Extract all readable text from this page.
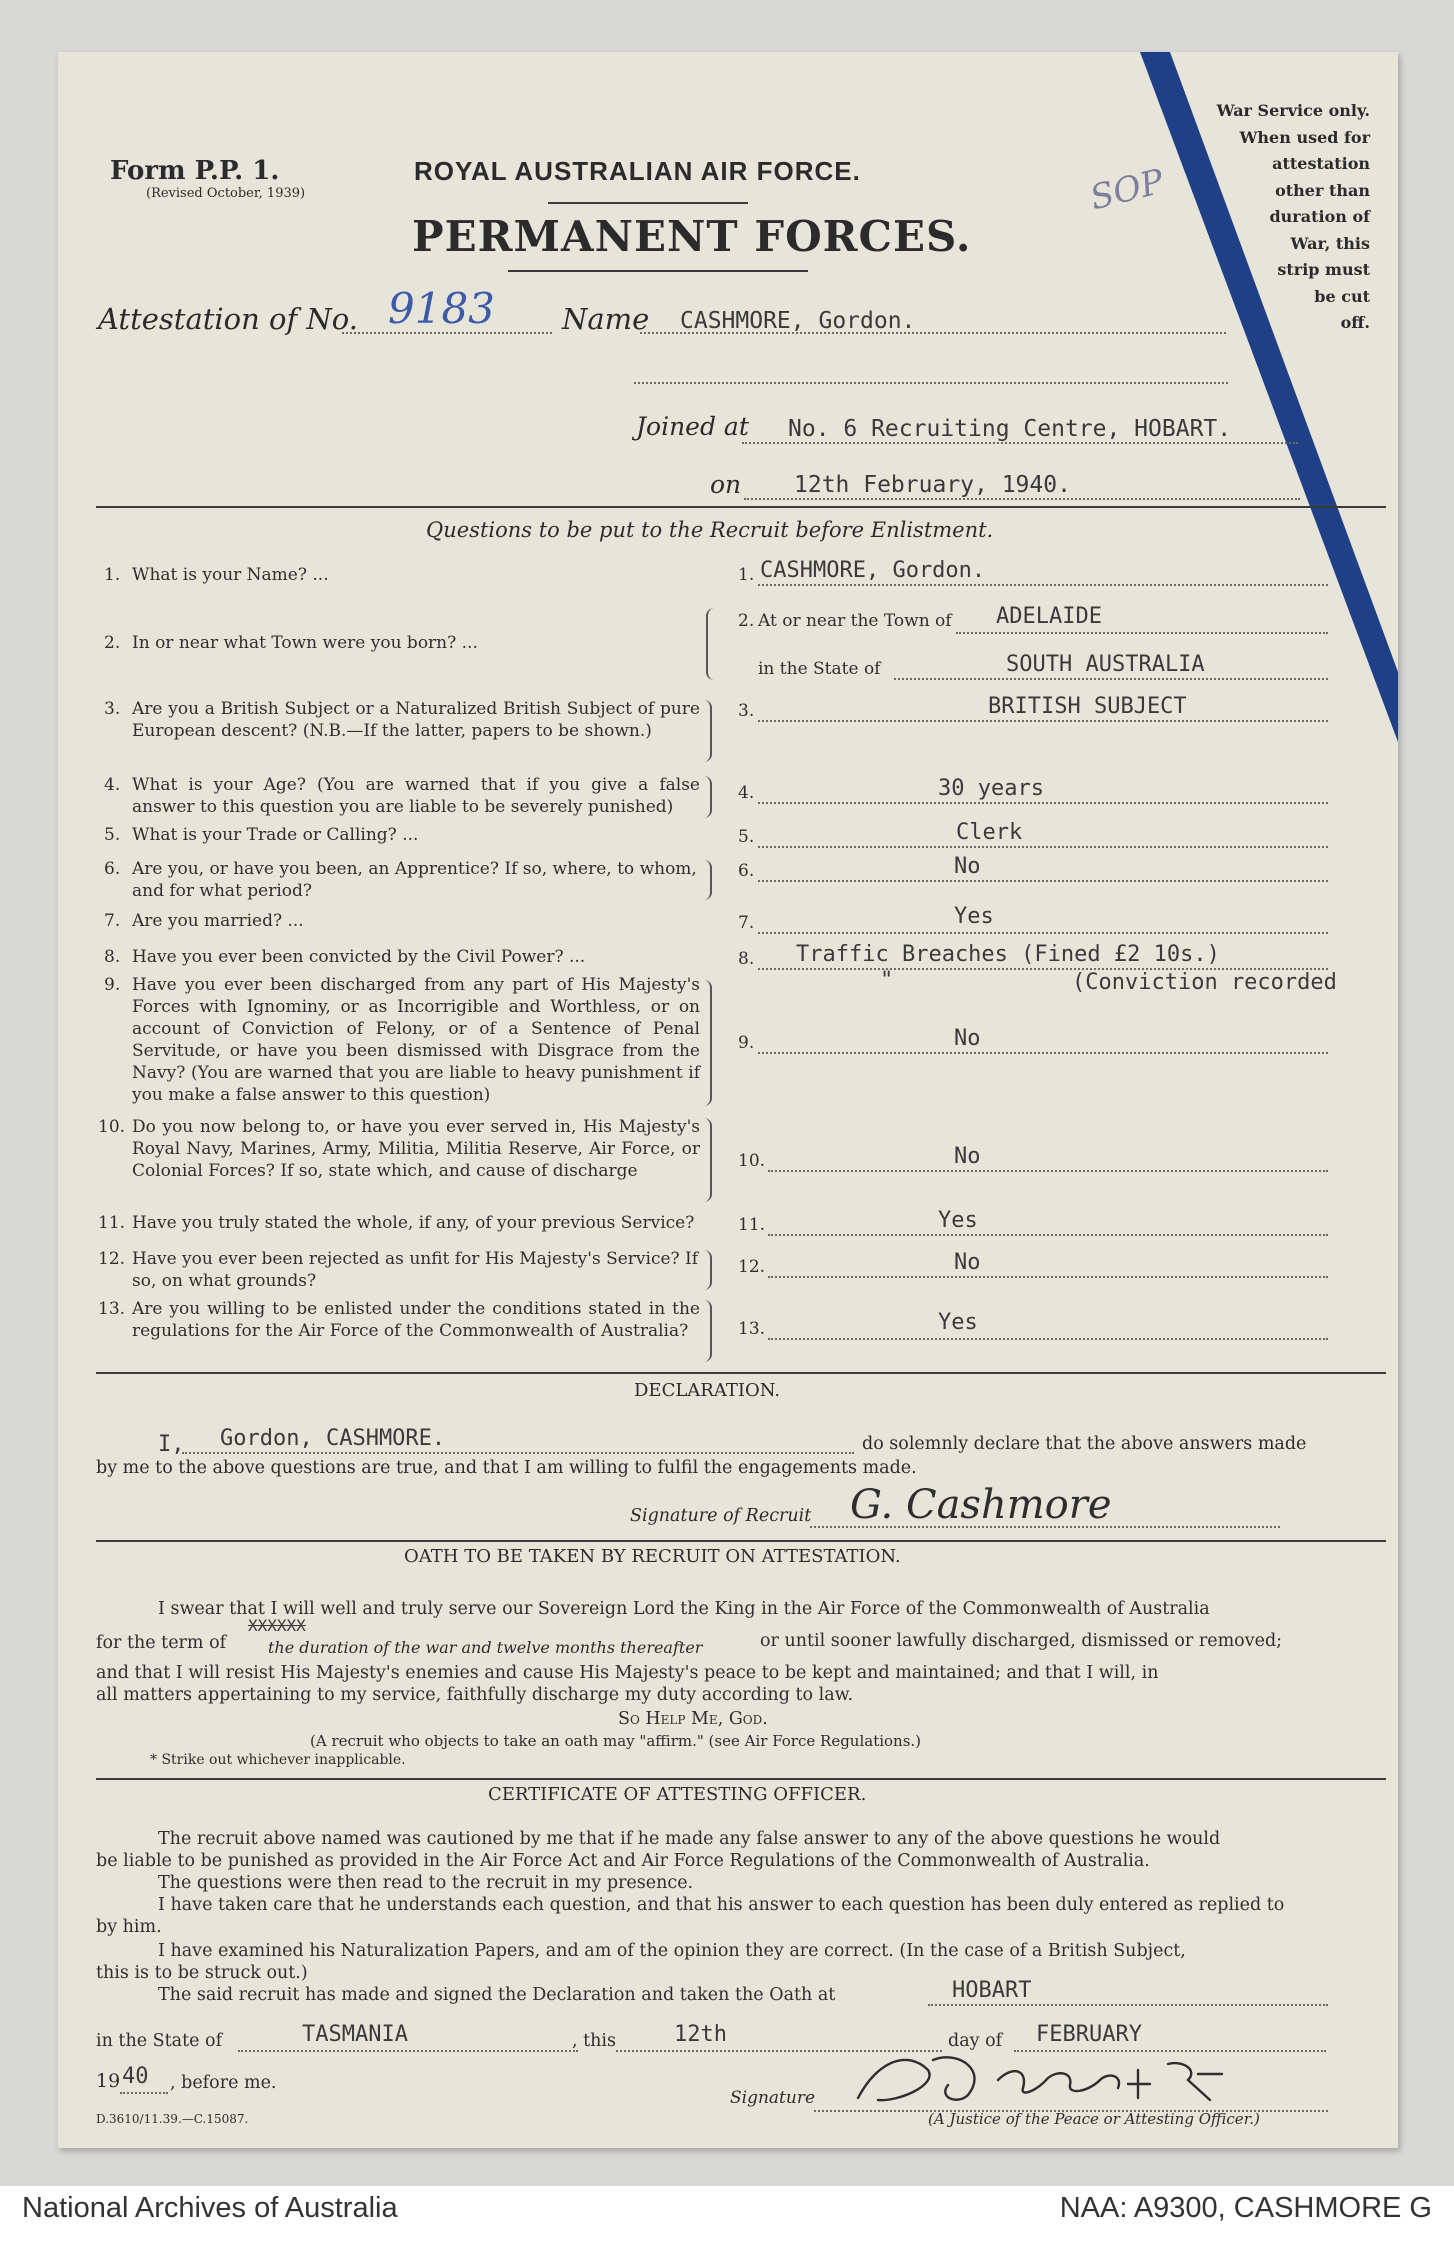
War Service only.
When used for
attestation
other than
duration of
War, this
strip must
be cut
off.
Form P.P. 1.
(Revised October, 1939)
ROYAL AUSTRALIAN AIR FORCE.
PERMANENT FORCES.
SOP
Attestation of No. 9183 Name CASHMORE, Gordon.
Joined at No. 6 Recruiting Centre, HOBART.
on 12th February, 1940.
Questions to be put to the Recruit before Enlistment.
1. What is your Name? ...	1. CASHMORE, Gordon.
2. In or near what Town were you born? ...
2. At or near the Town of ADELAIDE
in the State of	SOUTH AUSTRALIA
3. Are you a British Subject or a Naturalized British Subject of pure European descent? (N.B.—If the latter, papers to be shown.)
3.	BRITISH SUBJECT
4. What is your Age? (You are warned that if you give a false answer to this question you are liable to be severely punished)
4.	30 years
5. What is your Trade or Calling? ...	5.	Clerk
6. Are you, or have you been, an Apprentice? If so, where, to whom, and for what period?
6.	No
7. Are you married? ...	7.	Yes
8. Have you ever been convicted by the Civil Power? ...	8. Traffic Breaches (Fined £2 10s.)
"	(Conviction recorded
9. Have you ever been discharged from any part of His Majesty's Forces with Ignominy, or as Incorrigible and Worthless, or on account of Conviction of Felony, or of a Sentence of Penal Servitude, or have you been dismissed with Disgrace from the Navy? (You are warned that you are liable to heavy punishment if you make a false answer to this question)
9.	No
10. Do you now belong to, or have you ever served in, His Majesty's Royal Navy, Marines, Army, Militia, Militia Reserve, Air Force, or Colonial Forces? If so, state which, and cause of discharge	10.	No
11. Have you truly stated the whole, if any, of your previous Service?	11.	Yes
12. Have you ever been rejected as unfit for His Majesty's Service? If so, on what grounds?
12.	No
13. Are you willing to be enlisted under the conditions stated in the regulations for the Air Force of the Commonwealth of Australia?	13.	Yes
DECLARATION.
I, Gordon, CASHMORE.	do solemnly declare that the above answers made
by me to the above questions are true, and that I am willing to fulfil the engagements made.
Signature of Recruit G. Cashmore
OATH TO BE TAKEN BY RECRUIT ON ATTESTATION.
I swear that I will well and truly serve our Sovereign Lord the King in the Air Force of the Commonwealth of Australia
for the term of
XXXXXX
the duration of the war and twelve months thereafter	or until sooner lawfully discharged, dismissed or removed;
and that I will resist His Majesty's enemies and cause His Majesty's peace to be kept and maintained; and that I will, in
all matters appertaining to my service, faithfully discharge my duty according to law.
So Help Me, God.
(A recruit who objects to take an oath may "affirm." (see Air Force Regulations.)
* Strike out whichever inapplicable.
CERTIFICATE OF ATTESTING OFFICER.
The recruit above named was cautioned by me that if he made any false answer to any of the above questions he would
be liable to be punished as provided in the Air Force Act and Air Force Regulations of the Commonwealth of Australia.
The questions were then read to the recruit in my presence.
I have taken care that he understands each question, and that his answer to each question has been duly entered as replied to
by him.
I have examined his Naturalization Papers, and am of the opinion they are correct. (In the case of a British Subject,
this is to be struck out.)
The said recruit has made and signed the Declaration and taken the Oath at	HOBART
in the State of	TASMANIA	, this	12th	day of FEBRUARY
19 40 , before me.
Signature
(A Justice of the Peace or Attesting Officer.)
D.3610/11.39.—C.15087.
National Archives of Australia	NAA: A9300, CASHMORE G
